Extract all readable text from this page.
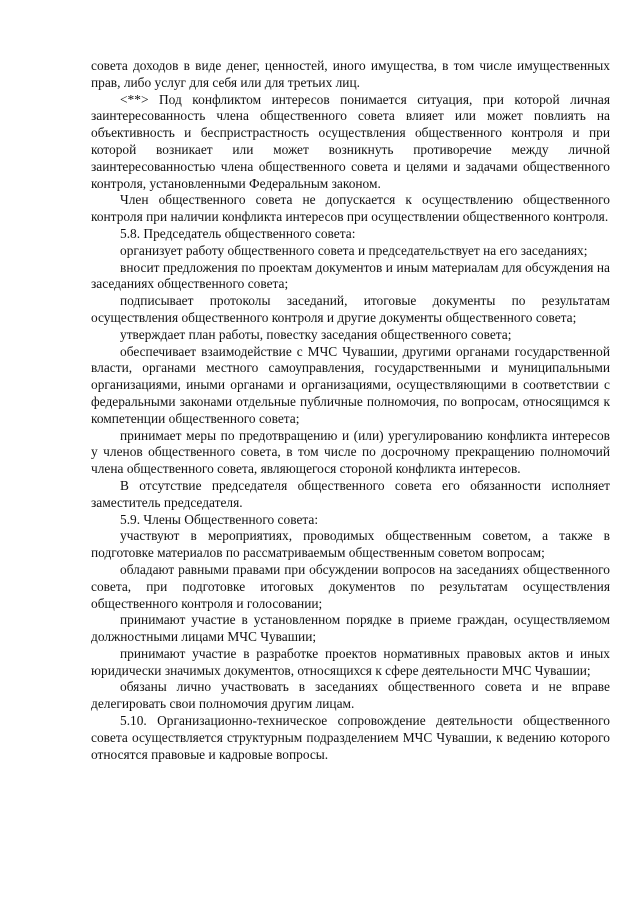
совета доходов в виде денег, ценностей, иного имущества, в том числе имущественных прав, либо услуг для себя или для третьих лиц.

<**> Под конфликтом интересов понимается ситуация, при которой личная заинтересованность члена общественного совета влияет или может повлиять на объективность и беспристрастность осуществления общественного контроля и при которой возникает или может возникнуть противоречие между личной заинтересованностью члена общественного совета и целями и задачами общественного контроля, установленными Федеральным законом.

Член общественного совета не допускается к осуществлению общественного контроля при наличии конфликта интересов при осуществлении общественного контроля.

5.8. Председатель общественного совета:

организует работу общественного совета и председательствует на его заседаниях;

вносит предложения по проектам документов и иным материалам для обсуждения на заседаниях общественного совета;

подписывает протоколы заседаний, итоговые документы по результатам осуществления общественного контроля и другие документы общественного совета;

утверждает план работы, повестку заседания общественного совета;

обеспечивает взаимодействие с МЧС Чувашии, другими органами государственной власти, органами местного самоуправления, государственными и муниципальными организациями, иными органами и организациями, осуществляющими в соответствии с федеральными законами отдельные публичные полномочия, по вопросам, относящимся к компетенции общественного совета;

принимает меры по предотвращению и (или) урегулированию конфликта интересов у членов общественного совета, в том числе по досрочному прекращению полномочий члена общественного совета, являющегося стороной конфликта интересов.

В отсутствие председателя общественного совета его обязанности исполняет заместитель председателя.

5.9. Члены Общественного совета:

участвуют в мероприятиях, проводимых общественным советом, а также в подготовке материалов по рассматриваемым общественным советом вопросам;

обладают равными правами при обсуждении вопросов на заседаниях общественного совета, при подготовке итоговых документов по результатам осуществления общественного контроля и голосовании;

принимают участие в установленном порядке в приеме граждан, осуществляемом должностными лицами МЧС Чувашии;

принимают участие в разработке проектов нормативных правовых актов и иных юридически значимых документов, относящихся к сфере деятельности МЧС Чувашии;

обязаны лично участвовать в заседаниях общественного совета и не вправе делегировать свои полномочия другим лицам.

5.10. Организационно-техническое сопровождение деятельности общественного совета осуществляется структурным подразделением МЧС Чувашии, к ведению которого относятся правовые и кадровые вопросы.
